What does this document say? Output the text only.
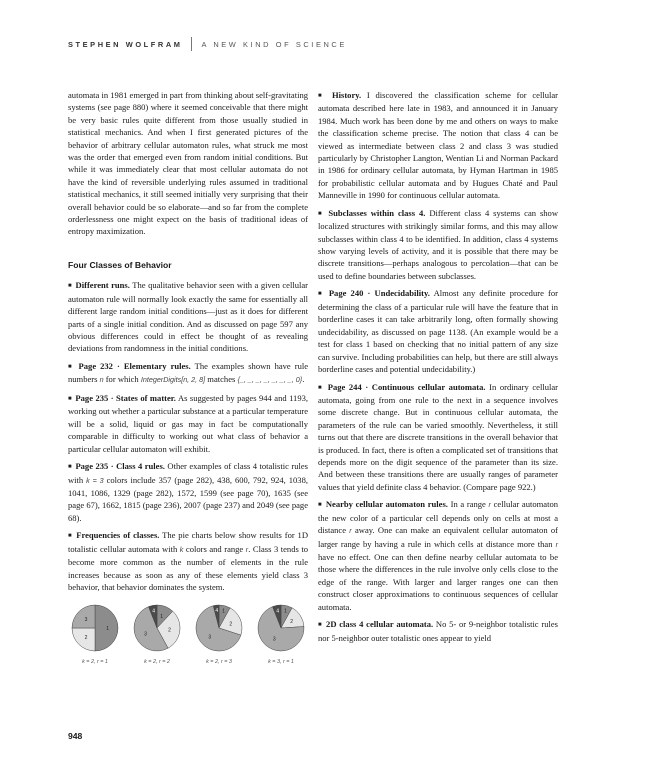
STEPHEN WOLFRAM	A NEW KIND OF SCIENCE

automata in 1981 emerged in part from thinking about self-gravitating systems (see page 880) where it seemed conceivable that there might be very basic rules quite different from those usually studied in statistical mechanics. And when I first generated pictures of the behavior of arbitrary cellular automaton rules, what struck me most was the order that emerged even from random initial conditions. But while it was immediately clear that most cellular automata do not have the kind of reversible underlying rules assumed in traditional statistical mechanics, it still seemed initially very surprising that their overall behavior could be so elaborate—and so far from the complete orderlessness one might expect on the basis of traditional ideas of entropy maximization.

Four Classes of Behavior

■ Different runs. The qualitative behavior seen with a given cellular automaton rule will normally look exactly the same for essentially all different large random initial conditions—just as it does for different parts of a single initial condition. And as discussed on page 597 any obvious differences could in effect be thought of as revealing deviations from randomness in the initial conditions.

■ Page 232 · Elementary rules. The examples shown have rule numbers n for which IntegerDigits[n, 2, 8] matches {_, _, _, _, _, _, _, 0}.

■ Page 235 · States of matter. As suggested by pages 944 and 1193, working out whether a particular substance at a particular temperature will be a solid, liquid or gas may in fact be computationally comparable in difficulty to working out what class of behavior a particular cellular automaton will exhibit.

■ Page 235 · Class 4 rules. Other examples of class 4 totalistic rules with k = 3 colors include 357 (page 282), 438, 600, 792, 924, 1038, 1041, 1086, 1329 (page 282), 1572, 1599 (see page 70), 1635 (see page 67), 1662, 1815 (page 236), 2007 (page 237) and 2049 (see page 68).

■ Frequencies of classes. The pie charts below show results for 1D totalistic cellular automata with k colors and range r. Class 3 tends to become more common as the number of elements in the rule increases because as soon as any of these elements yield class 3 behavior, that behavior dominates the system.

1
2
3
k = 2, r = 1
1
2
3
4
k = 2, r = 2
1
2
3
4
k = 2, r = 3
1
2
3
4
k = 3, r = 1

■ History. I discovered the classification scheme for cellular automata described here late in 1983, and announced it in January 1984. Much work has been done by me and others on ways to make the classification scheme precise. The notion that class 4 can be viewed as intermediate between class 2 and class 3 was studied particularly by Christopher Langton, Wentian Li and Norman Packard in 1986 for ordinary cellular automata, by Hyman Hartman in 1985 for probabilistic cellular automata and by Hugues Chaté and Paul Manneville in 1990 for continuous cellular automata.

■ Subclasses within class 4. Different class 4 systems can show localized structures with strikingly similar forms, and this may allow subclasses within class 4 to be identified. In addition, class 4 systems show varying levels of activity, and it is possible that there may be discrete transitions—perhaps analogous to percolation—that can be used to define boundaries between subclasses.

■ Page 240 · Undecidability. Almost any definite procedure for determining the class of a particular rule will have the feature that in borderline cases it can take arbitrarily long, often formally showing undecidability, as discussed on page 1138. (An example would be a test for class 1 based on checking that no initial pattern of any size can survive. Including probabilities can help, but there are still always borderline cases and potential undecidability.)

■ Page 244 · Continuous cellular automata. In ordinary cellular automata, going from one rule to the next in a sequence involves some discrete change. But in continuous cellular automata, the parameters of the rule can be varied smoothly. Nevertheless, it still turns out that there are discrete transitions in the overall behavior that is produced. In fact, there is often a complicated set of transitions that depends more on the digit sequence of the parameter than its size. And between these transitions there are usually ranges of parameter values that yield definite class 4 behavior. (Compare page 922.)

■ Nearby cellular automaton rules. In a range r cellular automaton the new color of a particular cell depends only on cells at most a distance r away. One can make an equivalent cellular automaton of larger range by having a rule in which cells at distance more than r have no effect. One can then define nearby cellular automata to be those where the differences in the rule involve only cells close to the edge of the range. With larger and larger ranges one can then construct closer approximations to continuous sequences of cellular automata.

■ 2D class 4 cellular automata. No 5- or 9-neighbor totalistic rules nor 5-neighbor outer totalistic ones appear to yield

948
